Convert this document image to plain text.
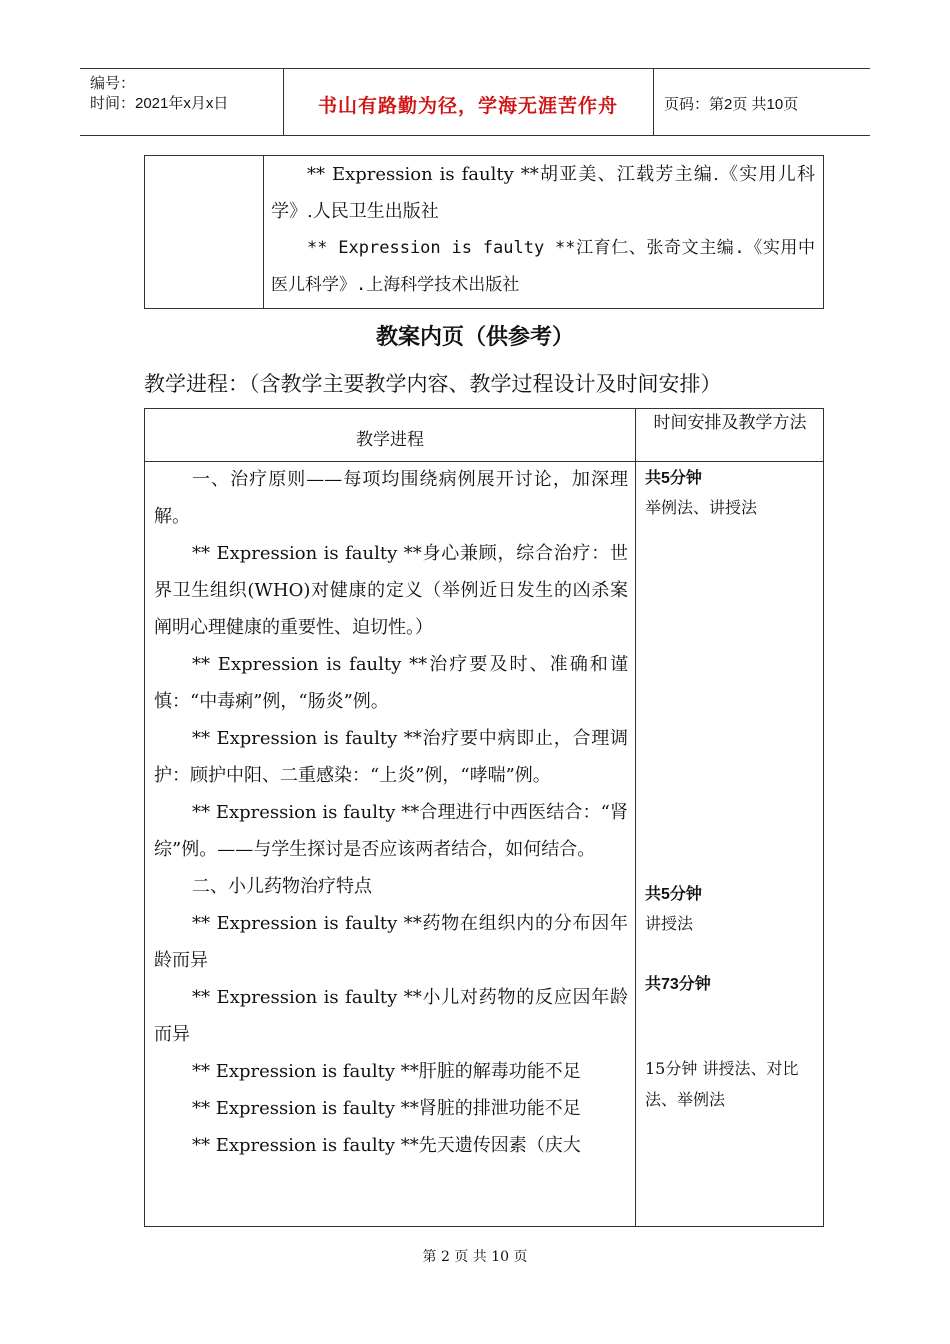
编号：
时间：2021年x月x日	书山有路勤为径，学海无涯苦作舟	页码：第2页 共10页

** Expression is faulty **胡亚美、江载芳主编.《实用儿科学》.人民卫生出版社

** Expression is faulty **江育仁、张奇文主编.《实用中医儿科学》.上海科学技术出版社

教案内页（供参考）
教学进程：（含教学主要教学内容、教学过程设计及时间安排）
教学进程
时间安排及教学方法

一、治疗原则——每项均围绕病例展开讨论，加深理解。

** Expression is faulty **身心兼顾，综合治疗：世界卫生组织(WHO)对健康的定义（举例近日发生的凶杀案阐明心理健康的重要性、迫切性。）

** Expression is faulty **治疗要及时、准确和谨慎：“中毒痢”例，“肠炎”例。

** Expression is faulty **治疗要中病即止，合理调护：顾护中阳、二重感染：“上炎”例，“哮喘”例。

** Expression is faulty **合理进行中西医结合：“肾综”例。——与学生探讨是否应该两者结合，如何结合。

二、小儿药物治疗特点

** Expression is faulty **药物在组织内的分布因年龄而异

** Expression is faulty **小儿对药物的反应因年龄而异

** Expression is faulty **肝脏的解毒功能不足

** Expression is faulty **肾脏的排泄功能不足

** Expression is faulty **先天遗传因素（庆大

共5分钟
举例法、讲授法
共5分钟
讲授法
共73分钟
15分钟 讲授法、对比法、举例法
第 2 页 共 10 页
